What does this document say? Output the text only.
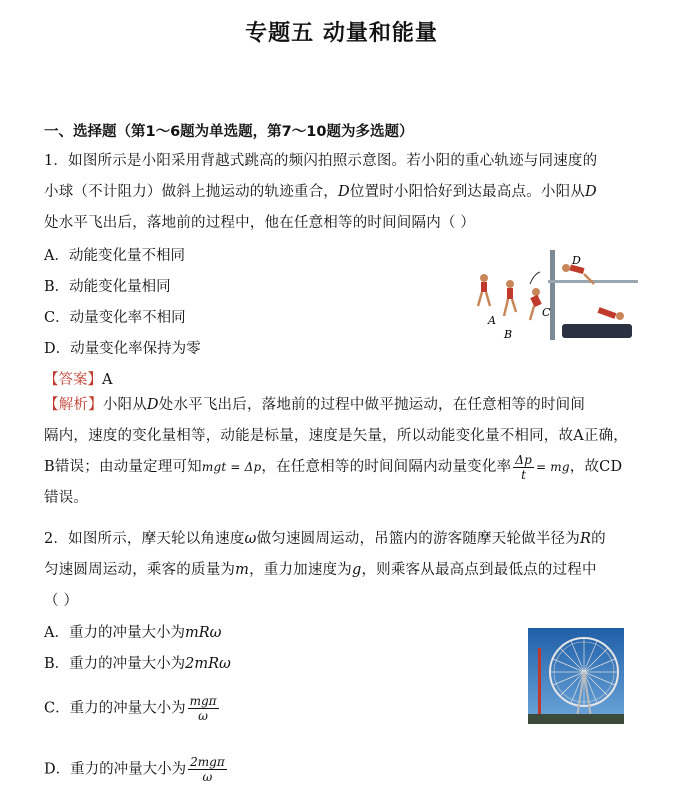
专题五 动量和能量
一、选择题（第1～6题为单选题，第7～10题为多选题）
1．如图所示是小阳采用背越式跳高的频闪拍照示意图。若小阳的重心轨迹与同速度的
小球（不计阻力）做斜上抛运动的轨迹重合，D位置时小阳恰好到达最高点。小阳从D
处水平飞出后，落地前的过程中，他在任意相等的时间间隔内（ ）
A．动能变化量不相同
B．动能变化量相同
C．动量变化率不相同
D．动量变化率保持为零
A
B
C
D
【答案】A
【解析】小阳从D处水平飞出后，落地前的过程中做平抛运动，在任意相等的时间间
隔内，速度的变化量相等，动能是标量，速度是矢量，所以动能变化量不相同，故A正确，
B错误；由动量定理可知mgt = Δp，在任意相等的时间间隔内动量变化率 $\frac{\Delta p}{t}$ = mg，故CD
错误。
2．如图所示，摩天轮以角速度ω做匀速圆周运动，吊篮内的游客随摩天轮做半径为R的
匀速圆周运动，乘客的质量为m，重力加速度为g，则乘客从最高点到最低点的过程中
（ ）
A．重力的冲量大小为mRω
B．重力的冲量大小为2mRω
C．重力的冲量大小为 $\frac{\text{mgπ}}{\omega}$
D．重力的冲量大小为 $\frac{\text{2mgπ}}{\omega}$
